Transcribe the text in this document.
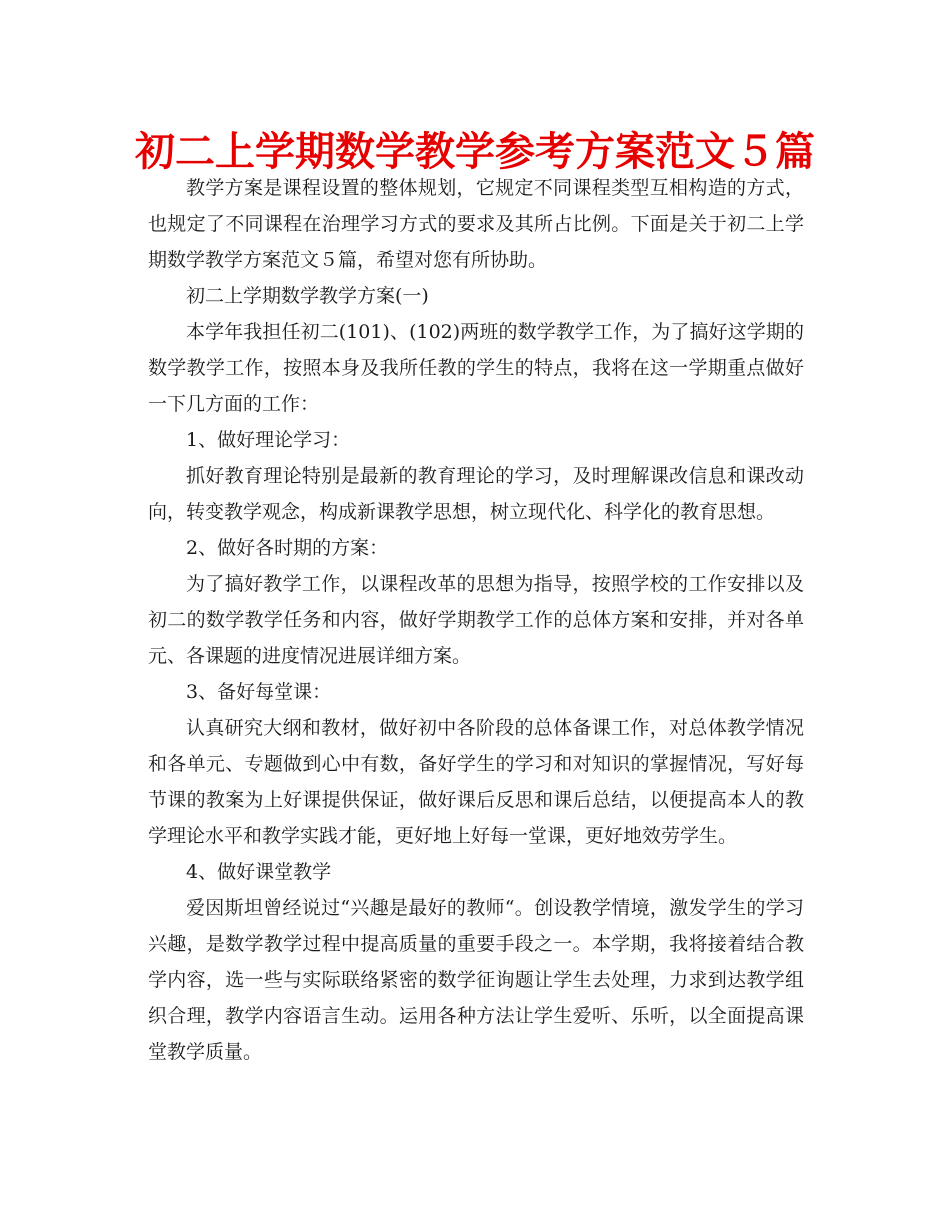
初二上学期数学教学参考方案范文５篇

教学方案是课程设置的整体规划，它规定不同课程类型互相构造的方式，也规定了不同课程在治理学习方式的要求及其所占比例。下面是关于初二上学期数学教学方案范文５篇，希望对您有所协助。

初二上学期数学教学方案(一)

本学年我担任初二(101)、(102)两班的数学教学工作，为了搞好这学期的数学教学工作，按照本身及我所任教的学生的特点，我将在这一学期重点做好一下几方面的工作：

1、做好理论学习：

抓好教育理论特别是最新的教育理论的学习，及时理解课改信息和课改动向，转变教学观念，构成新课教学思想，树立现代化、科学化的教育思想。

2、做好各时期的方案：

为了搞好教学工作，以课程改革的思想为指导，按照学校的工作安排以及初二的数学教学任务和内容，做好学期教学工作的总体方案和安排，并对各单元、各课题的进度情况进展详细方案。

3、备好每堂课：

认真研究大纲和教材，做好初中各阶段的总体备课工作，对总体教学情况和各单元、专题做到心中有数，备好学生的学习和对知识的掌握情况，写好每节课的教案为上好课提供保证，做好课后反思和课后总结，以便提高本人的教学理论水平和教学实践才能，更好地上好每一堂课，更好地效劳学生。

4、做好课堂教学

爱因斯坦曾经说过“兴趣是最好的教师“。创设教学情境，激发学生的学习兴趣，是数学教学过程中提高质量的重要手段之一。本学期，我将接着结合教学内容，选一些与实际联络紧密的数学征询题让学生去处理，力求到达教学组织合理，教学内容语言生动。运用各种方法让学生爱听、乐听，以全面提高课堂教学质量。
